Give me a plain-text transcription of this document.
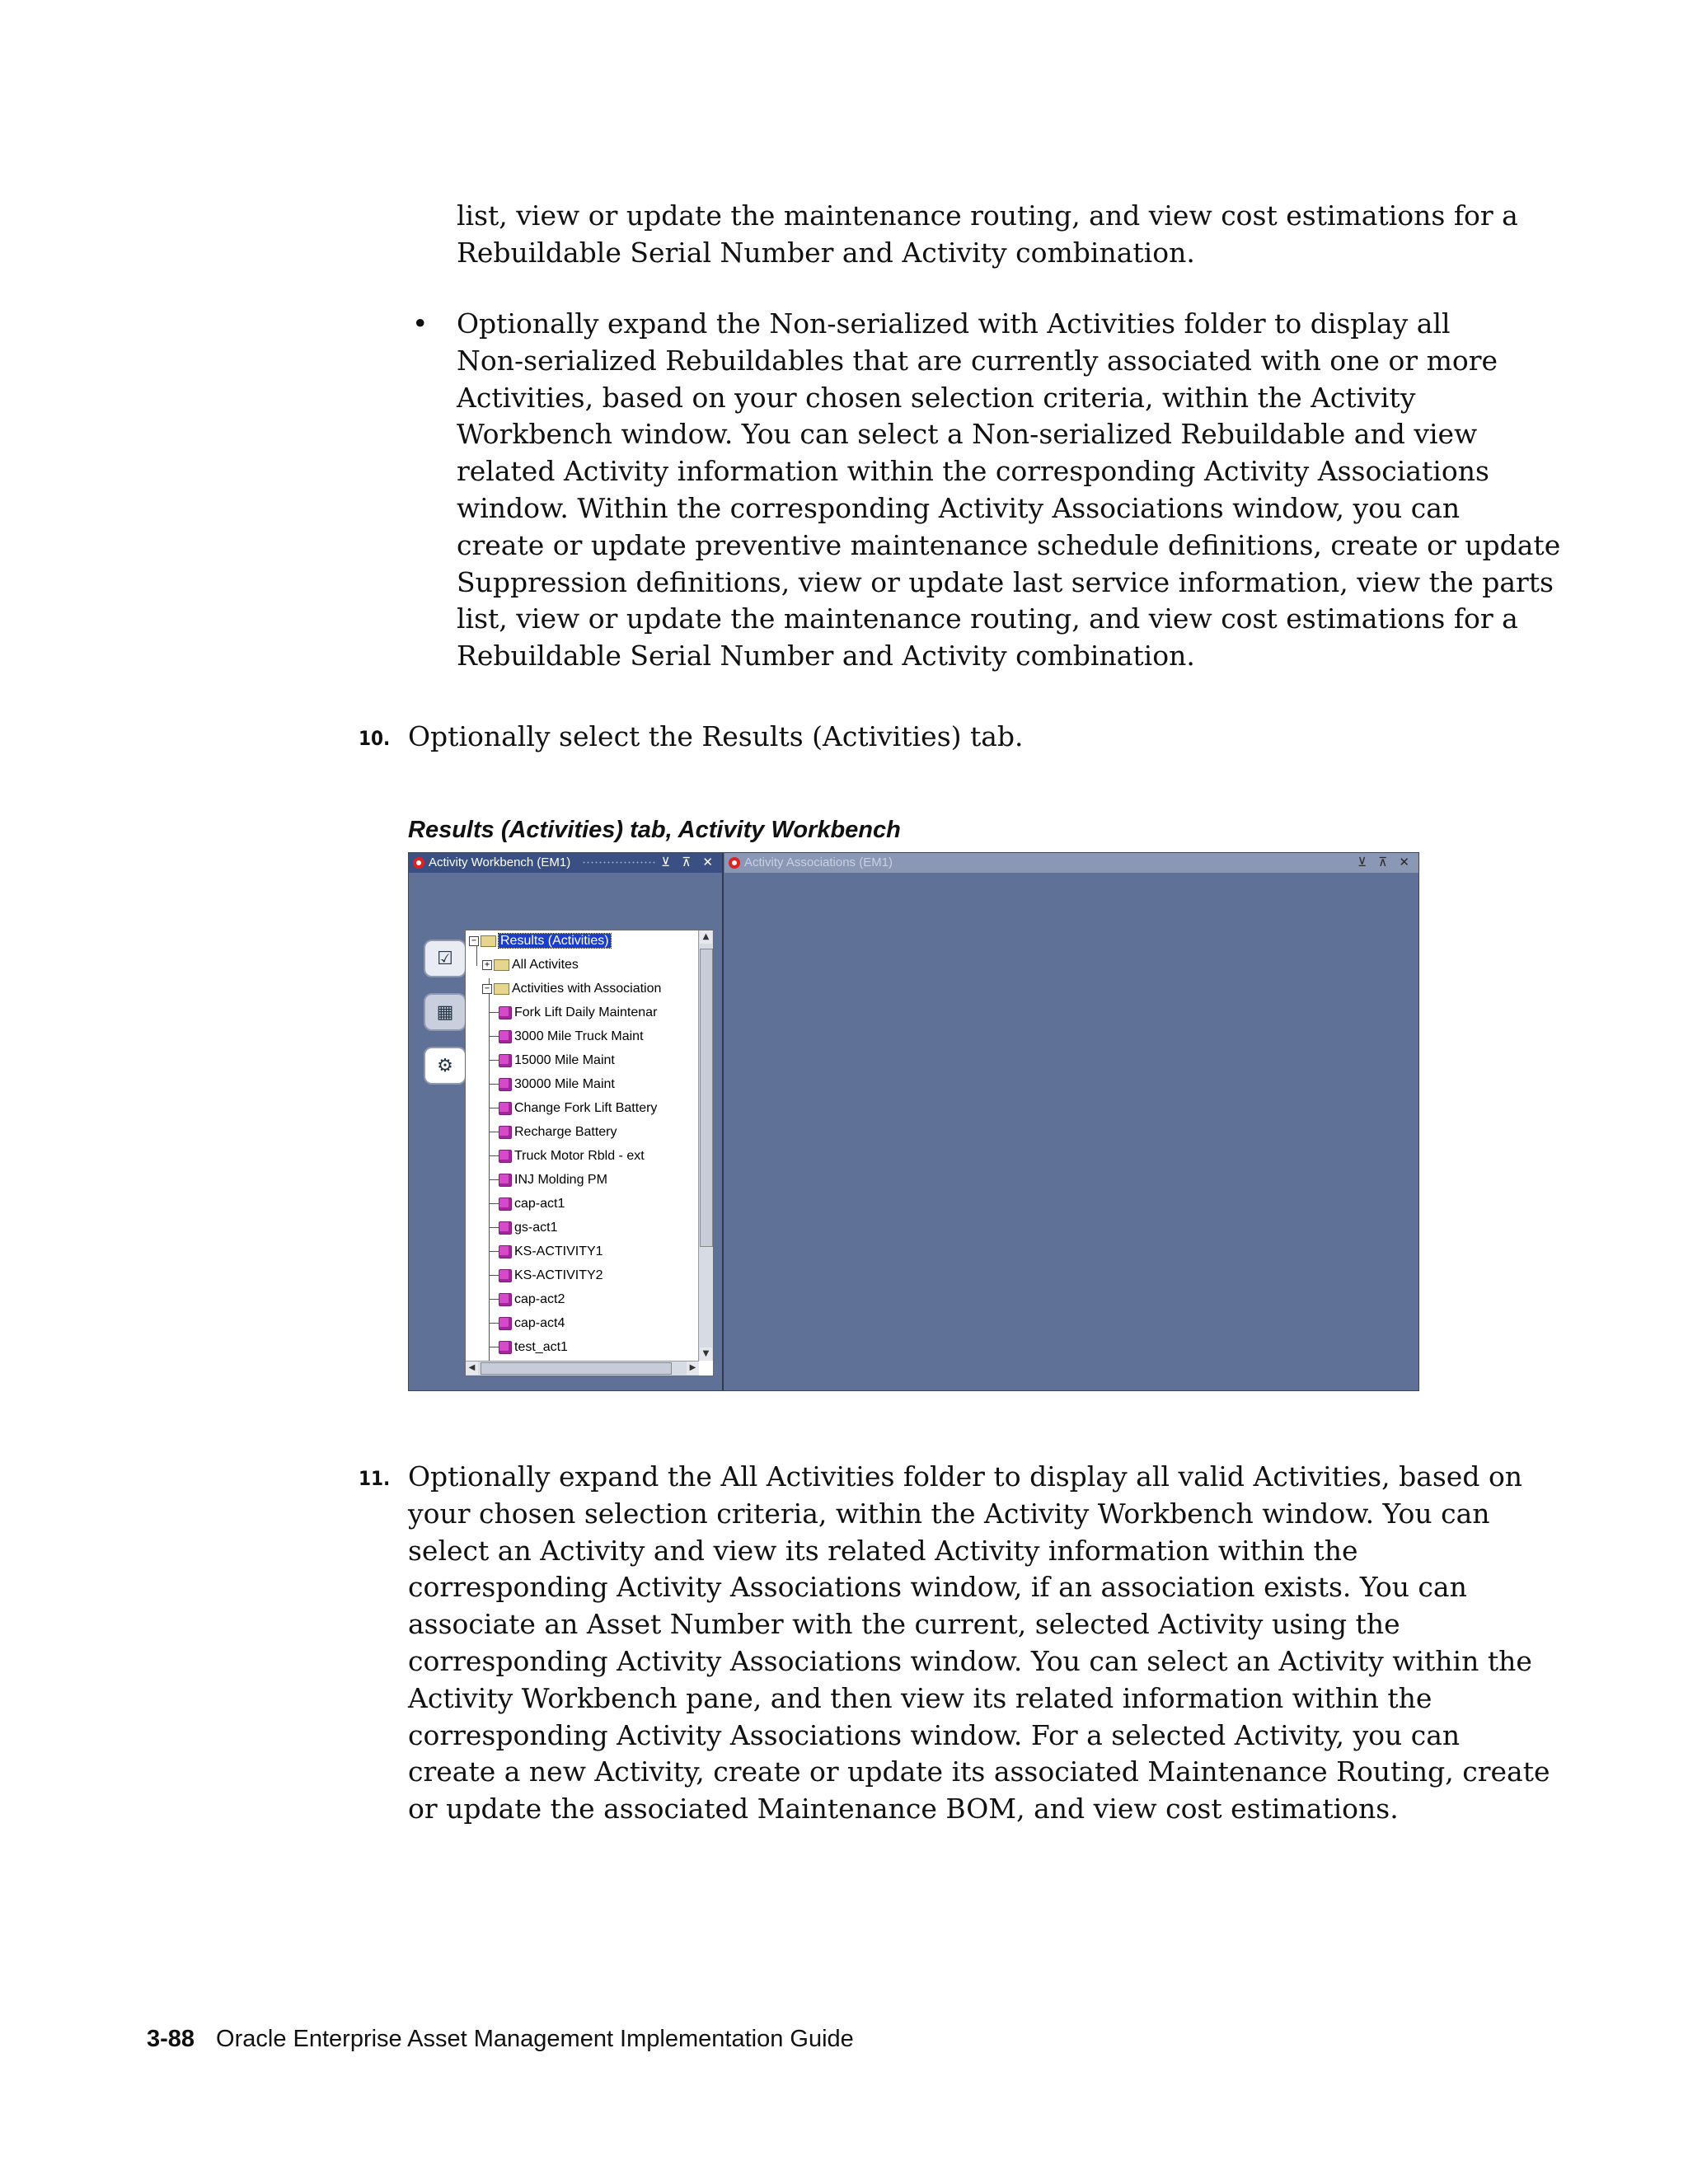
list, view or update the maintenance routing, and view cost estimations for a
Rebuildable Serial Number and Activity combination.
• Optionally expand the Non-serialized with Activities folder to display all
Non-serialized Rebuildables that are currently associated with one or more
Activities, based on your chosen selection criteria, within the Activity
Workbench window. You can select a Non-serialized Rebuildable and view
related Activity information within the corresponding Activity Associations
window. Within the corresponding Activity Associations window, you can
create or update preventive maintenance schedule definitions, create or update
Suppression definitions, view or update last service information, view the parts
list, view or update the maintenance routing, and view cost estimations for a
Rebuildable Serial Number and Activity combination.
10. Optionally select the Results (Activities) tab.
Results (Activities) tab, Activity Workbench
Activity Workbench (EM1)	⊻ ⊼ ✕
☑
▦
⚙
− Results (Activities)
+ All Activites
− Activities with Association
Fork Lift Daily Maintenar
3000 Mile Truck Maint
15000 Mile Maint
30000 Mile Maint
Change Fork Lift Battery
Recharge Battery
Truck Motor Rbld - ext
INJ Molding PM
cap-act1
gs-act1
KS-ACTIVITY1
KS-ACTIVITY2
cap-act2
cap-act4
test_act1
▲
▼
◀	▶
Activity Associations (EM1)	⊻ ⊼ ✕
11. Optionally expand the All Activities folder to display all valid Activities, based on
your chosen selection criteria, within the Activity Workbench window. You can
select an Activity and view its related Activity information within the
corresponding Activity Associations window, if an association exists. You can
associate an Asset Number with the current, selected Activity using the
corresponding Activity Associations window. You can select an Activity within the
Activity Workbench pane, and then view its related information within the
corresponding Activity Associations window. For a selected Activity, you can
create a new Activity, create or update its associated Maintenance Routing, create
or update the associated Maintenance BOM, and view cost estimations.
3-88 Oracle Enterprise Asset Management Implementation Guide
